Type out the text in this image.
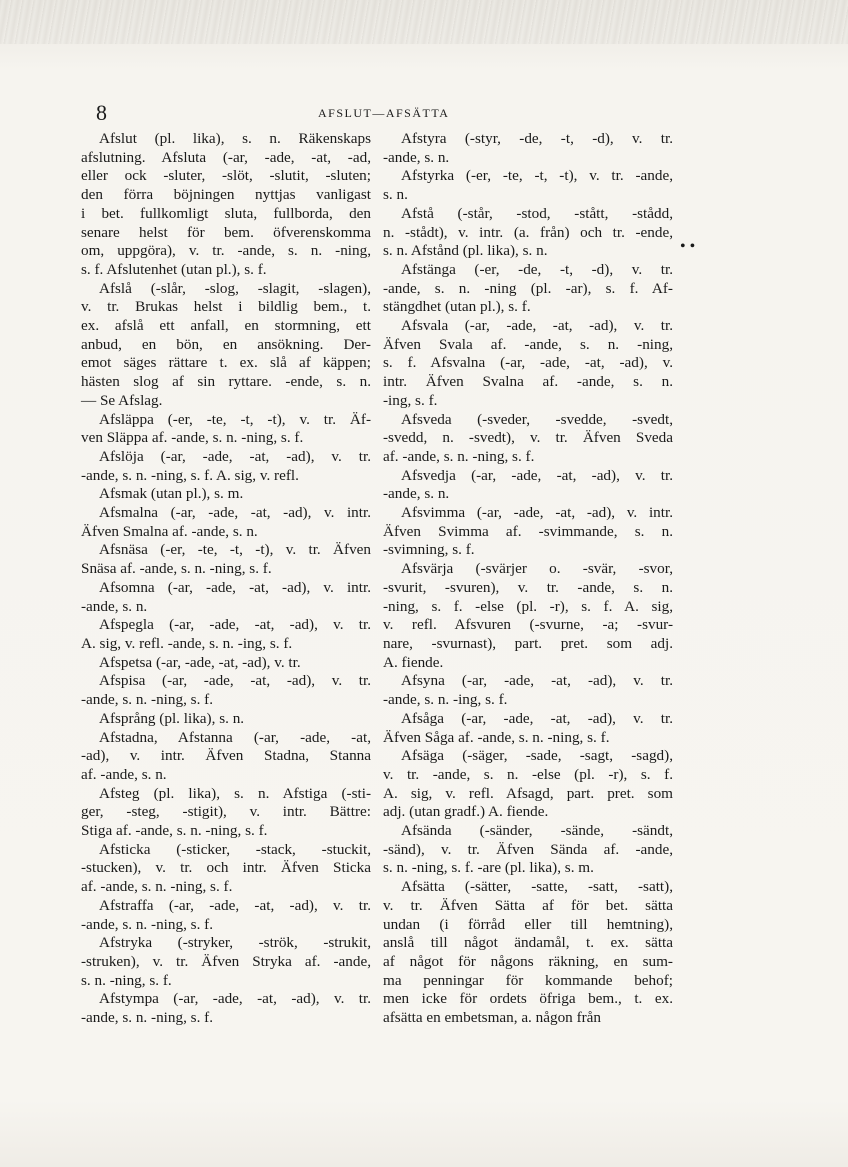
8	AFSLUT—AFSÄTTA
• •
Afslut (pl. lika), s. n. Räkenskaps
afslutning. Afsluta (-ar, -ade, -at, -ad,
eller ock -sluter, -slöt, -slutit, -sluten;
den förra böjningen nyttjas vanligast
i bet. fullkomligt sluta, fullborda, den
senare helst för bem. öfverenskomma
om, uppgöra), v. tr. -ande, s. n. -ning,
s. f. Afslutenhet (utan pl.), s. f.
Afslå (-slår, -slog, -slagit, -slagen),
v. tr. Brukas helst i bildlig bem., t.
ex. afslå ett anfall, en stormning, ett
anbud, en bön, en ansökning. Der-
emot säges rättare t. ex. slå af käppen;
hästen slog af sin ryttare. -ende, s. n.
— Se Afslag.
Afsläppa (-er, -te, -t, -t), v. tr. Äf-
ven Släppa af. -ande, s. n. -ning, s. f.
Afslöja (-ar, -ade, -at, -ad), v. tr.
-ande, s. n. -ning, s. f. A. sig, v. refl.
Afsmak (utan pl.), s. m.
Afsmalna (-ar, -ade, -at, -ad), v. intr.
Äfven Smalna af. -ande, s. n.
Afsnäsa (-er, -te, -t, -t), v. tr. Äfven
Snäsa af. -ande, s. n. -ning, s. f.
Afsomna (-ar, -ade, -at, -ad), v. intr.
-ande, s. n.
Afspegla (-ar, -ade, -at, -ad), v. tr.
A. sig, v. refl. -ande, s. n. -ing, s. f.
Afspetsa (-ar, -ade, -at, -ad), v. tr.
Afspisa (-ar, -ade, -at, -ad), v. tr.
-ande, s. n. -ning, s. f.
Afsprång (pl. lika), s. n.
Afstadna, Afstanna (-ar, -ade, -at,
-ad), v. intr. Äfven Stadna, Stanna
af. -ande, s. n.
Afsteg (pl. lika), s. n. Afstiga (-sti-
ger, -steg, -stigit), v. intr. Bättre:
Stiga af. -ande, s. n. -ning, s. f.
Afsticka (-sticker, -stack, -stuckit,
-stucken), v. tr. och intr. Äfven Sticka
af. -ande, s. n. -ning, s. f.
Afstraffa (-ar, -ade, -at, -ad), v. tr.
-ande, s. n. -ning, s. f.
Afstryka (-stryker, -strök, -strukit,
-struken), v. tr. Äfven Stryka af. -ande,
s. n. -ning, s. f.
Afstympa (-ar, -ade, -at, -ad), v. tr.
-ande, s. n. -ning, s. f.
Afstyra (-styr, -de, -t, -d), v. tr.
-ande, s. n.
Afstyrka (-er, -te, -t, -t), v. tr. -ande,
s. n.
Afstå (-står, -stod, -stått, -stådd,
n. -stådt), v. intr. (a. från) och tr. -ende,
s. n. Afstånd (pl. lika), s. n.
Afstänga (-er, -de, -t, -d), v. tr.
-ande, s. n. -ning (pl. -ar), s. f. Af-
stängdhet (utan pl.), s. f.
Afsvala (-ar, -ade, -at, -ad), v. tr.
Äfven Svala af. -ande, s. n. -ning,
s. f. Afsvalna (-ar, -ade, -at, -ad), v.
intr. Äfven Svalna af. -ande, s. n.
-ing, s. f.
Afsveda (-sveder, -svedde, -svedt,
-svedd, n. -svedt), v. tr. Äfven Sveda
af. -ande, s. n. -ning, s. f.
Afsvedja (-ar, -ade, -at, -ad), v. tr.
-ande, s. n.
Afsvimma (-ar, -ade, -at, -ad), v. intr.
Äfven Svimma af. -svimmande, s. n.
-svimning, s. f.
Afsvärja (-svärjer o. -svär, -svor,
-svurit, -svuren), v. tr. -ande, s. n.
-ning, s. f. -else (pl. -r), s. f. A. sig,
v. refl. Afsvuren (-svurne, -a; -svur-
nare, -svurnast), part. pret. som adj.
A. fiende.
Afsyna (-ar, -ade, -at, -ad), v. tr.
-ande, s. n. -ing, s. f.
Afsåga (-ar, -ade, -at, -ad), v. tr.
Äfven Såga af. -ande, s. n. -ning, s. f.
Afsäga (-säger, -sade, -sagt, -sagd),
v. tr. -ande, s. n. -else (pl. -r), s. f.
A. sig, v. refl. Afsagd, part. pret. som
adj. (utan gradf.) A. fiende.
Afsända (-sänder, -sände, -sändt,
-sänd), v. tr. Äfven Sända af. -ande,
s. n. -ning, s. f. -are (pl. lika), s. m.
Afsätta (-sätter, -satte, -satt, -satt),
v. tr. Äfven Sätta af för bet. sätta
undan (i förråd eller till hemtning),
anslå till något ändamål, t. ex. sätta
af något för någons räkning, en sum-
ma penningar för kommande behof;
men icke för ordets öfriga bem., t. ex.
afsätta en embetsman, a. någon från
